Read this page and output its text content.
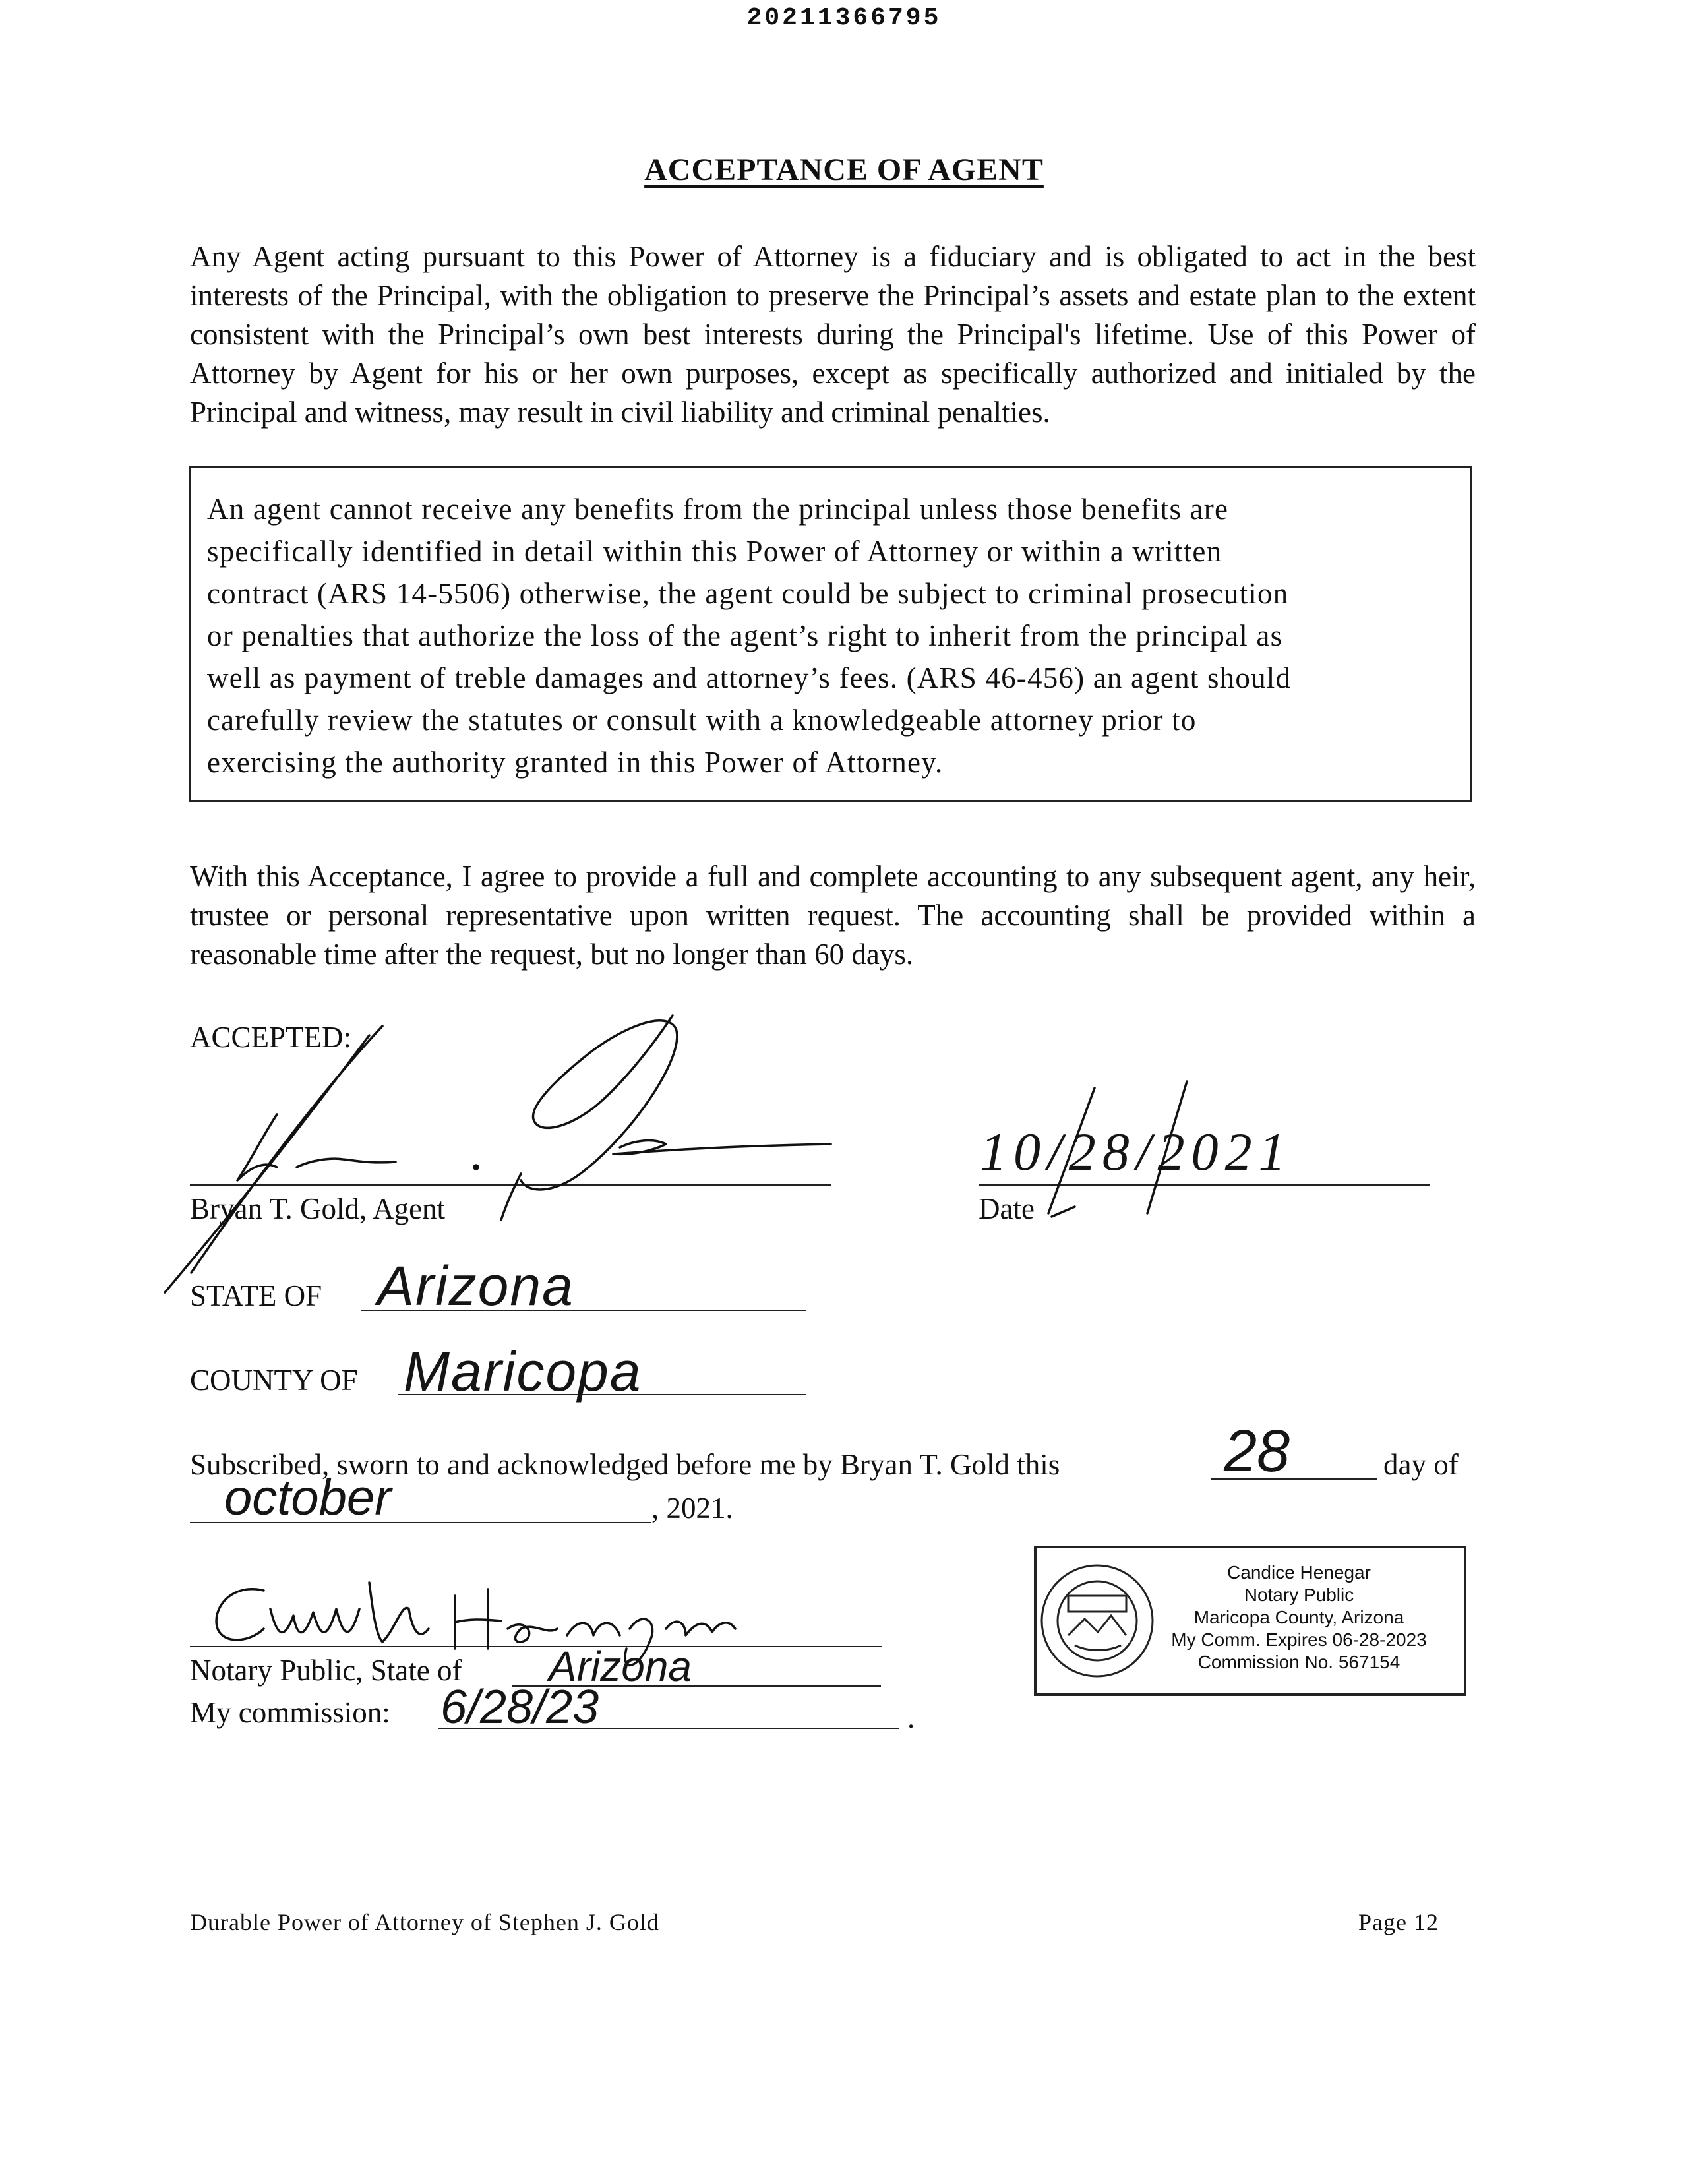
20211366795
ACCEPTANCE OF AGENT
Any Agent acting pursuant to this Power of Attorney is a fiduciary and is obligated to act in the best interests of the Principal, with the obligation to preserve the Principal’s assets and estate plan to the extent consistent with the Principal’s own best interests during the Principal's lifetime. Use of this Power of Attorney by Agent for his or her own purposes, except as specifically authorized and initialed by the Principal and witness, may result in civil liability and criminal penalties.
An agent cannot receive any benefits from the principal unless those benefits are
specifically identified in detail within this Power of Attorney or within a written
contract (ARS 14-5506) otherwise, the agent could be subject to criminal prosecution
or penalties that authorize the loss of the agent’s right to inherit from the principal as
well as payment of treble damages and attorney’s fees. (ARS 46-456) an agent should
carefully review the statutes or consult with a knowledgeable attorney prior to
exercising the authority granted in this Power of Attorney.
With this Acceptance, I agree to provide a full and complete accounting to any subsequent agent, any heir, trustee or personal representative upon written request. The accounting shall be provided within a reasonable time after the request, but no longer than 60 days.
ACCEPTED:
Bryan T. Gold, Agent	Date
10/28/2021
STATE OF Arizona
COUNTY OF Maricopa
Subscribed, sworn to and acknowledged before me by Bryan T. Gold this	28	day of
october	, 2021.
Notary Public, State of Arizona
My commission: 6/28/23	.
Candice Henegar
Notary Public
Maricopa County, Arizona
My Comm. Expires 06-28-2023
Commission No. 567154
Durable Power of Attorney of Stephen J. Gold	Page 12
